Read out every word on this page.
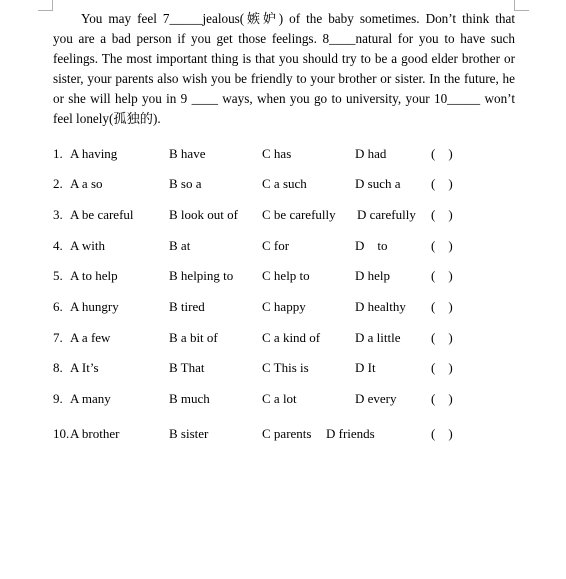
You may feel 7_____jealous(嫉妒) of the baby sometimes. Don’t think that
you are a bad person if you get those feelings. 8____natural for you to have such
feelings. The most important thing is that you should try to be a good elder brother or
sister, your parents also wish you be friendly to your brother or sister. In the future, he
or she will help you in 9 ____ ways, when you go to university, your 10_____ won’t
feel lonely(孤独的).
1. A having	B have	C has	D had	(    )
2. A a so	B so a	C a such	D such a (    )
3. A be careful	B look out of C be carefully D carefully (    )
4. A with	B at	C for	D    to	(    )
5. A to help	B helping to C help to	D help	(    )
6. A hungry	B tired	C happy	D healthy (    )
7. A a few	B a bit of	C a kind of	D a little (    )
8. A It’s	B That	C This is	D It	(    )
9. A many	B much	C a lot	D every	(    )
10. A brother	B sister	C parents D friends	(    )
